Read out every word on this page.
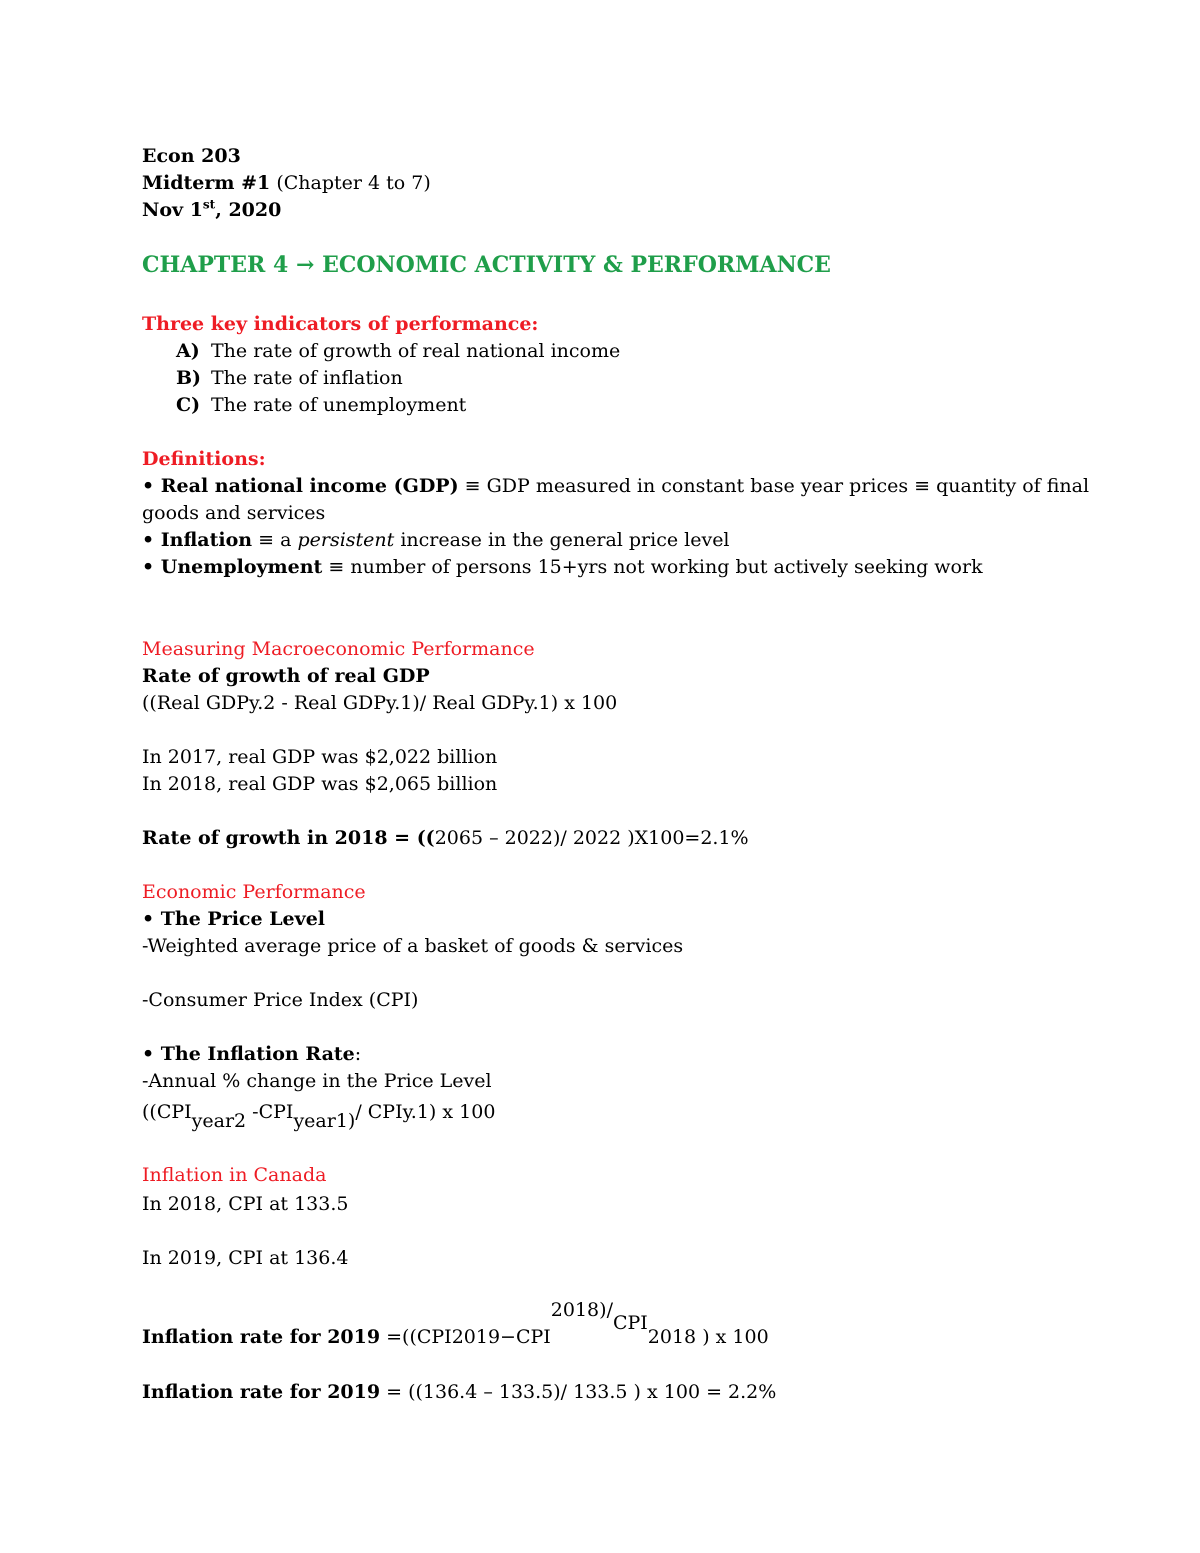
Econ 203
Midterm #1 (Chapter 4 to 7)
Nov 1st, 2020
CHAPTER 4 → ECONOMIC ACTIVITY & PERFORMANCE
Three key indicators of performance:
A) The rate of growth of real national income
B) The rate of inflation
C) The rate of unemployment
Definitions:
• Real national income (GDP) ≡ GDP measured in constant base year prices ≡ quantity of final
goods and services
• Inflation ≡ a persistent increase in the general price level
• Unemployment ≡ number of persons 15+yrs not working but actively seeking work
Measuring Macroeconomic Performance
Rate of growth of real GDP
((Real GDPy.2 - Real GDPy.1)/ Real GDPy.1) x 100
In 2017, real GDP was $2,022 billion
In 2018, real GDP was $2,065 billion
Rate of growth in 2018 = ((2065 – 2022)/ 2022 )X100=2.1%
Economic Performance
• The Price Level
-Weighted average price of a basket of goods & services
-Consumer Price Index (CPI)
• The Inflation Rate:
-Annual % change in the Price Level
((CPIyear2 -CPIyear1)/ CPIy.1) x 100
Inflation in Canada
In 2018, CPI at 133.5
In 2019, CPI at 136.4
Inflation rate for 2019 =((CPI2019−CPI2018)/CPI2018 ) x 100
Inflation rate for 2019 = ((136.4 – 133.5)/ 133.5 ) x 100 = 2.2%
